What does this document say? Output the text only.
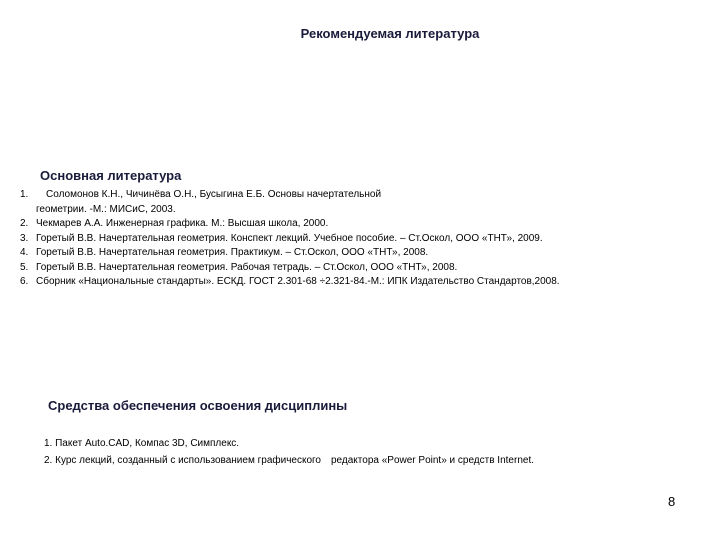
Рекомендуемая литература
Основная литература
1.	Соломонов К.Н., Чичинёва О.Н., Бусыгина Е.Б. Основы начертательной
геометрии. -М.: МИСиС, 2003.
2. Чекмарев А.А. Инженерная графика. М.: Высшая школа, 2000.
3. Горетый В.В. Начертательная геометрия. Конспект лекций. Учебное пособие. – Ст.Оскол, ООО «ТНТ», 2009.
4. Горетый В.В. Начертательная геометрия. Практикум. – Ст.Оскол, ООО «ТНТ», 2008.
5. Горетый В.В. Начертательная геометрия. Рабочая тетрадь. – Ст.Оскол, ООО «ТНТ», 2008.
6. Сборник «Национальные стандарты». ЕСКД. ГОСТ 2.301-68 ÷2.321-84.-М.: ИПК Издательство Стандартов,2008.
Средства обеспечения освоения дисциплины
1. Пакет Auto.CAD, Компас 3D, Симплекс.
2. Курс лекций, созданный с использованием графического редактора «Power Point» и средств Internet.
8
